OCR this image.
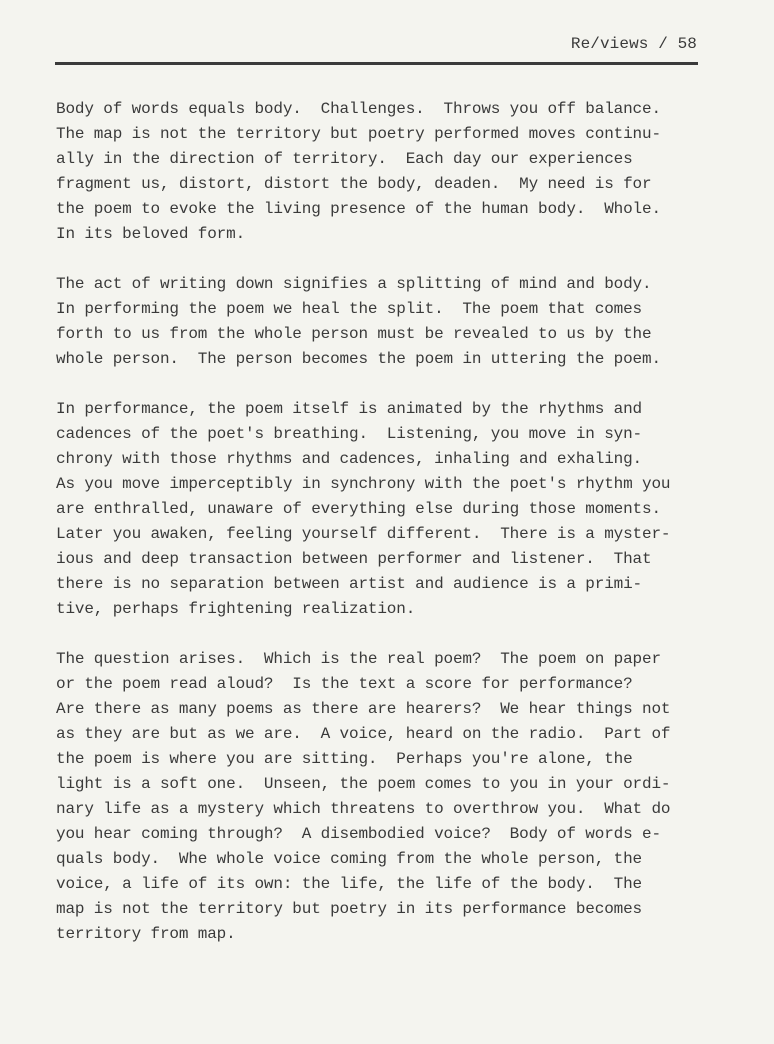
Re/views / 58
Body of words equals body.  Challenges.  Throws you off balance.
The map is not the territory but poetry performed moves continu-
ally in the direction of territory.  Each day our experiences
fragment us, distort, distort the body, deaden.  My need is for
the poem to evoke the living presence of the human body.  Whole.
In its beloved form.
The act of writing down signifies a splitting of mind and body.
In performing the poem we heal the split.  The poem that comes
forth to us from the whole person must be revealed to us by the
whole person.  The person becomes the poem in uttering the poem.
In performance, the poem itself is animated by the rhythms and
cadences of the poet's breathing.  Listening, you move in syn-
chrony with those rhythms and cadences, inhaling and exhaling.
As you move imperceptibly in synchrony with the poet's rhythm you
are enthralled, unaware of everything else during those moments.
Later you awaken, feeling yourself different.  There is a myster-
ious and deep transaction between performer and listener.  That
there is no separation between artist and audience is a primi-
tive, perhaps frightening realization.
The question arises.  Which is the real poem?  The poem on paper
or the poem read aloud?  Is the text a score for performance?
Are there as many poems as there are hearers?  We hear things not
as they are but as we are.  A voice, heard on the radio.  Part of
the poem is where you are sitting.  Perhaps you're alone, the
light is a soft one.  Unseen, the poem comes to you in your ordi-
nary life as a mystery which threatens to overthrow you.  What do
you hear coming through?  A disembodied voice?  Body of words e-
quals body.  Whe whole voice coming from the whole person, the
voice, a life of its own: the life, the life of the body.  The
map is not the territory but poetry in its performance becomes
territory from map.
